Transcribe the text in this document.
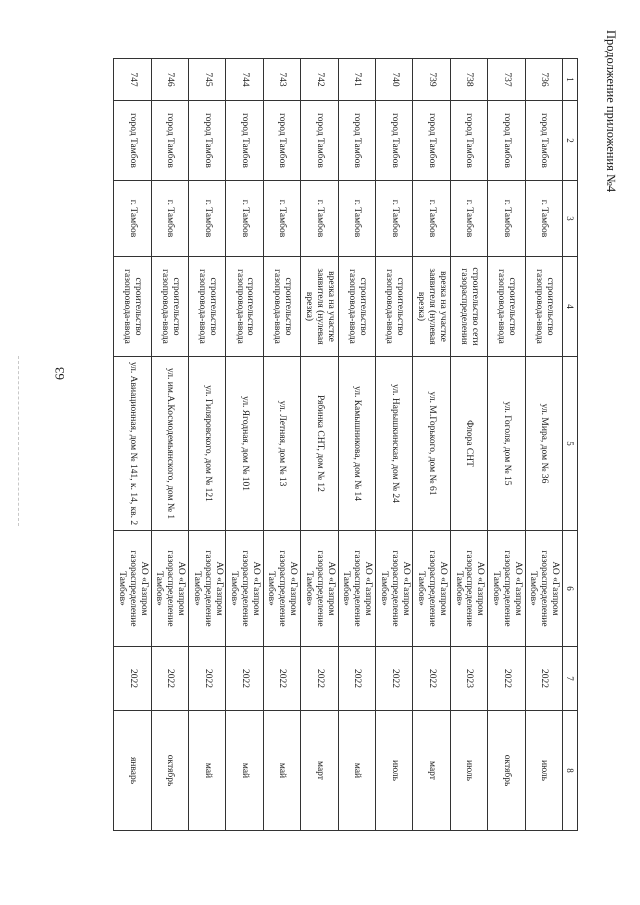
63
Продолжение приложения №4
1	2	3	4	5	6	7	8
736	город Тамбов	г. Тамбов	строительство газопровода-ввода	ул. Мира, дом № 36	АО «Газпром газораспределение Тамбов»	2022	июль
737	город Тамбов	г. Тамбов	строительство газопровода-ввода	ул. Гоголя, дом № 15	АО «Газпром газораспределение Тамбов»	2022	октябрь
738	город Тамбов	г. Тамбов	строительство сети газораспределения	Флора СНТ	АО «Газпром газораспределение Тамбов»	2023	июль
739	город Тамбов	г. Тамбов	врезка на участке заявителя (нулевая врезка)	ул. М.Горького, дом № 61	АО «Газпром газораспределение Тамбов»	2022	март
740	город Тамбов	г. Тамбов	строительство газопровода-ввода	ул. Нарышкинская, дом № 24	АО «Газпром газораспределение Тамбов»	2022	июль
741	город Тамбов	г. Тамбов	строительство газопровода-ввода	ул. Камышникова, дом № 14	АО «Газпром газораспределение Тамбов»	2022	май
742	город Тамбов	г. Тамбов	врезка на участке заявителя (нулевая врезка)	Рябинка СНТ, дом № 12	АО «Газпром газораспределение Тамбов»	2022	март
743	город Тамбов	г. Тамбов	строительство газопровода-ввода	ул. Летняя, дом № 13	АО «Газпром газораспределение Тамбов»	2022	май
744	город Тамбов	г. Тамбов	строительство газопровода-ввода	ул. Ягодная, дом № 101	АО «Газпром газораспределение Тамбов»	2022	май
745	город Тамбов	г. Тамбов	строительство газопровода-ввода	ул. Гиляровского, дом № 121	АО «Газпром газораспределение Тамбов»	2022	май
746	город Тамбов	г. Тамбов	строительство газопровода-ввода	ул. им.А.Космодемьянского, дом № 1	АО «Газпром газораспределение Тамбов»	2022	октябрь
747	город Тамбов	г. Тамбов	строительство газопровода-ввода	ул. Авиационная, дом № 141, к. 14, кв. 2	АО «Газпром газораспределение Тамбов»	2022	январь
